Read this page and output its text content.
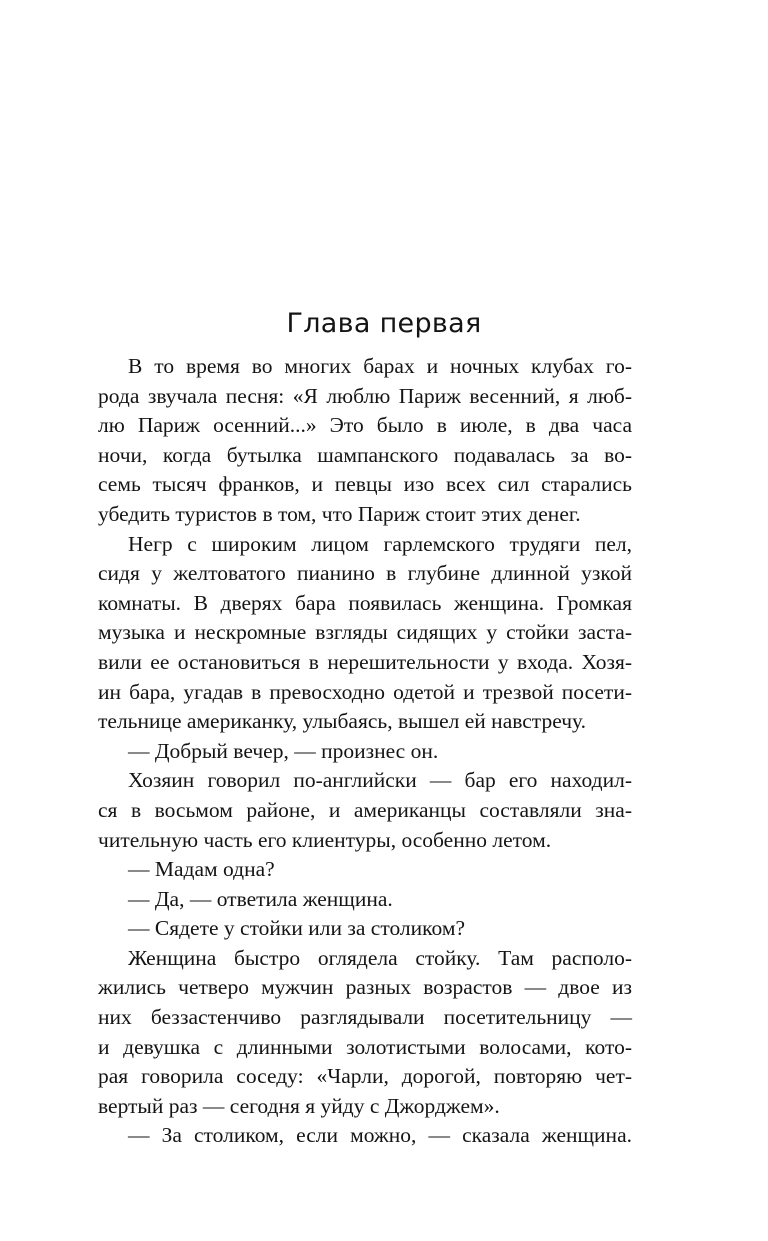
Глава первая
В то время во многих барах и ночных клубах го-
рода звучала песня: «Я люблю Париж весенний, я люб-
лю Париж осенний...» Это было в июле, в два часа
ночи, когда бутылка шампанского подавалась за во-
семь тысяч франков, и певцы изо всех сил старались
убедить туристов в том, что Париж стоит этих денег.
Негр с широким лицом гарлемского трудяги пел,
сидя у желтоватого пианино в глубине длинной узкой
комнаты. В дверях бара появилась женщина. Громкая
музыка и нескромные взгляды сидящих у стойки заста-
вили ее остановиться в нерешительности у входа. Хозя-
ин бара, угадав в превосходно одетой и трезвой посети-
тельнице американку, улыбаясь, вышел ей навстречу.
— Добрый вечер, — произнес он.
Хозяин говорил по-английски — бар его находил-
ся в восьмом районе, и американцы составляли зна-
чительную часть его клиентуры, особенно летом.
— Мадам одна?
— Да, — ответила женщина.
— Сядете у стойки или за столиком?
Женщина быстро оглядела стойку. Там располо-
жились четверо мужчин разных возрастов — двое из
них беззастенчиво разглядывали посетительницу —
и девушка с длинными золотистыми волосами, кото-
рая говорила соседу: «Чарли, дорогой, повторяю чет-
вертый раз — сегодня я уйду с Джорджем».
— За столиком, если можно, — сказала женщина.
